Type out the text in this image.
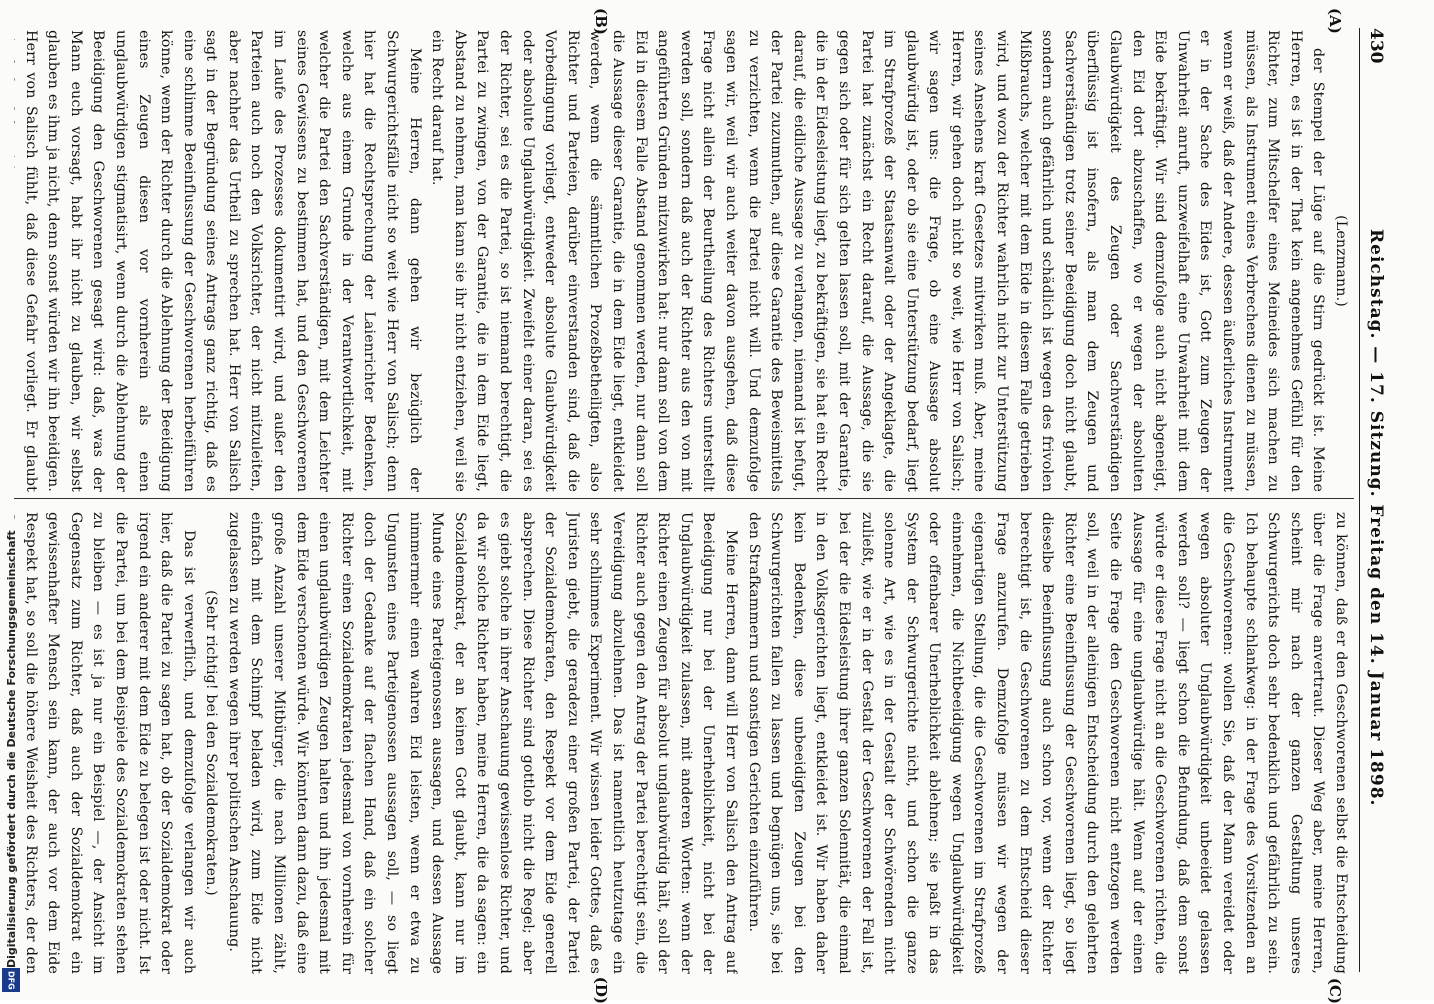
Digitalisierung gefördert durch die Deutsche Forschungsgemeinschaft
DFG
430
Reichstag. — 17. Sitzung. Freitag den 14. Januar 1898.
(A)
(B)
(C)
(D)

(Lenzmann.)

der Stempel der Lüge auf die Stirn gedrückt ist. Meine Herren, es ist in der That kein angenehmes Gefühl für den Richter, zum Mitschelfer eines Meineides sich machen zu müssen, als Instrument eines Verbrechens dienen zu müssen, wenn er weiß, daß der Andere, dessen äußerliches Instrument er in der Sache des Eides ist, Gott zum Zeugen der Unwahrheit anruft, unzweifelhaft eine Unwahrheit mit dem Eide bekräftigt. Wir sind demzufolge auch nicht abgeneigt, den Eid dort abzuschaffen, wo er wegen der absoluten Glaubwürdigkeit des Zeugen oder Sachverständigen überflüssig ist insofern, als man dem Zeugen und Sachverständigen trotz seiner Beeidigung doch nicht glaubt, sondern auch gefährlich und schädlich ist wegen des frivolen Mißbrauchs, welcher mit dem Eide in diesem Falle getrieben wird, und wozu der Richter wahrlich nicht zur Unterstützung seines Ansehens kraft Gesetzes mitwirken muß. Aber, meine Herren, wir gehen doch nicht so weit, wie Herr von Salisch; wir sagen uns: die Frage, ob eine Aussage absolut glaubwürdig ist, oder ob sie eine Unterstützung bedarf, liegt im Strafprozeß der Staatsanwalt oder der Angeklagte, die Partei hat zunächst ein Recht darauf, die Aussage, die sie gegen sich oder für sich gelten lassen soll, mit der Garantie, die in der Eidesleistung liegt, zu bekräftigen, sie hat ein Recht darauf, die eidliche Aussage zu verlangen, niemand ist befugt, der Partei zuzumuthen, auf diese Garantie des Beweismittels zu verzichten, wenn die Partei nicht will. Und demzufolge sagen wir, weil wir auch weiter davon ausgehen, daß diese Frage nicht allein der Beurtheilung des Richters unterstellt werden soll, sondern daß auch der Richter aus den von mit angeführten Gründen mitzuwirken hat: nur dann soll von dem Eid in diesem Falle Abstand genommen werden, nur dann soll die Aussage dieser Garantie, die in dem Eide liegt, entkleidet werden, wenn die sämmtlichen Prozeßbetheiligten, also Richter und Parteien, darüber einverstanden sind, daß die Vorbedingung vorliegt, entweder absolute Glaubwürdigkeit oder absolute Unglaubwürdigkeit. Zweifelt einer daran, sei es der Richter, sei es die Partei, so ist niemand berechtigt, die Partei zu zwingen, von der Garantie, die in dem Eide liegt, Abstand zu nehmen, man kann sie ihr nicht entziehen, weil sie ein Recht darauf hat.

Meine Herren, dann gehen wir bezüglich der Schwurgerichtsfälle nicht so weit wie Herr von Salisch; denn hier hat die Rechtsprechung der Laienrichter Bedenken, welche aus einem Grunde in der Verantwortlichkeit, mit welcher die Partei den Sachverständigen, mit dem Leichter seines Gewissens zu bestimmen hat, und den Geschworenen im Laufe des Prozesses dokumentirt wird, und außer den Parteien auch noch den Volksrichter, der nicht mitzuleiten, aber nachher das Urtheil zu sprechen hat. Herr von Salisch sagt in der Begründung seines Antrags ganz richtig, daß es eine schlimme Beeinflussung der Geschworenen herbeiführen könne, wenn der Richter durch die Ablehnung der Beeidigung eines Zeugen diesen vor vornherein als einen unglaubwürdigen stigmatisirt, wenn durch die Ablehnung der Beeidigung den Geschworenen gesagt wird: daß, was der Mann euch vorsagt, habt ihr nicht zu glauben, wir selbst glauben es ihm ja nicht, denn sonst würden wir ihn beeidigen. Herr von Salisch fühlt, daß diese Gefahr vorliegt. Er glaubt

zu können, daß er den Geschworenen selbst die Entscheidung über die Frage anvertraut. Dieser Weg aber, meine Herren, scheint mir nach der ganzen Gestaltung unseres Schwurgerichts doch sehr bedenklich und gefährlich zu sein. Ich behaupte schlankweg: in der Frage des Vorsitzenden an die Geschworenen: wollen Sie, daß der Mann vereidet oder wegen absoluter Unglaubwürdigkeit unbeeidet gelassen werden soll? — liegt schon die Befundung, daß dem sonst würde er diese Frage nicht an die Geschworenen richten, die Aussage für eine unglaubwürdige hält. Wenn auf der einen Seite die Frage den Geschworenen nicht entzogen werden soll, weil in der alleinigen Entscheidung durch den gelehrten Richter eine Beeinflussung der Geschworenen liegt, so liegt dieselbe Beeinflussung auch schon vor, wenn der Richter berechtigt ist, die Geschworenen zu dem Entscheid dieser Frage anzurufen. Demzufolge müssen wir wegen der eigenartigen Stellung, die die Geschworenen im Strafprozeß einnehmen, die Nichtbeeidigung wegen Unglaubwürdigkeit oder offenbarer Unerheblichkeit ablehnen; sie paßt in das System der Schwurgerichte nicht, und schon die ganze solenne Art, wie es in der Gestalt der Schwörenden nicht zuließt, wie er in der Gestalt der Geschworenen der Fall ist, bei der die Eidesleistung ihrer ganzen Solennität, die einmal in den Volksgerichten liegt, entkleidet ist. Wir haben daher kein Bedenken, diese unbeeidigten Zeugen bei den Schwurgerichten fallen zu lassen und begnügen uns, sie bei den Strafkammern und sonstigen Gerichten einzuführen.

Meine Herren, dann will Herr von Salisch den Antrag auf Beeidigung nur bei der Unerheblichkeit, nicht bei der Unglaubwürdigkeit zulassen, mit anderen Worten: wenn der Richter einen Zeugen für absolut unglaubwürdig hält, soll der Richter auch gegen den Antrag der Partei berechtigt sein, die Vereidigung abzulehnen. Das ist namentlich heutzutage ein sehr schlimmes Experiment. Wir wissen leider Gottes, daß es Juristen giebt, die geradezu einer großen Partei, der Partei der Sozialdemokraten, den Respekt vor dem Eide generell absprechen. Diese Richter sind gottlob nicht die Regel; aber es giebt solche in ihrer Anschauung gewissenlose Richter, und da wir solche Richter haben, meine Herren, die da sagen: ein Sozialdemokrat, der an keinen Gott glaubt, kann nur im Munde eines Parteigenossen aussagen, und dessen Aussage nimmermehr einen wahren Eid leisten, wenn er etwa zu Ungunsten eines Parteigenossen aussagen soll, — so liegt doch der Gedanke auf der flachen Hand, daß ein solcher Richter einen Sozialdemokraten jedesmal von vornherein für einen unglaubwürdigen Zeugen halten und ihn jedesmal mit dem Eide verschonen würde. Wir könnten dann dazu, daß eine große Anzahl unserer Mitbürger, die nach Millionen zählt, einfach mit dem Schimpf beladen wird, zum Eide nicht zugelassen zu werden wegen ihrer politischen Anschauung.

(Sehr richtig! bei den Sozialdemokraten.)

Das ist verwerflich, und demzufolge verlangen wir auch hier, daß die Partei zu sagen hat, ob der Sozialdemokrat oder irgend ein anderer mit dem Eide zu belegen ist oder nicht. Ist die Partei, um bei dem Beispiele des Sozialdemokraten stehen zu bleiben — es ist ja nur ein Beispiel —, der Ansicht im Gegensatz zum Richter, daß auch der Sozialdemokrat ein gewissenhafter Mensch sein kann, der auch vor dem Eide Respekt hat, so soll die höhere Weisheit des Richters, der den
